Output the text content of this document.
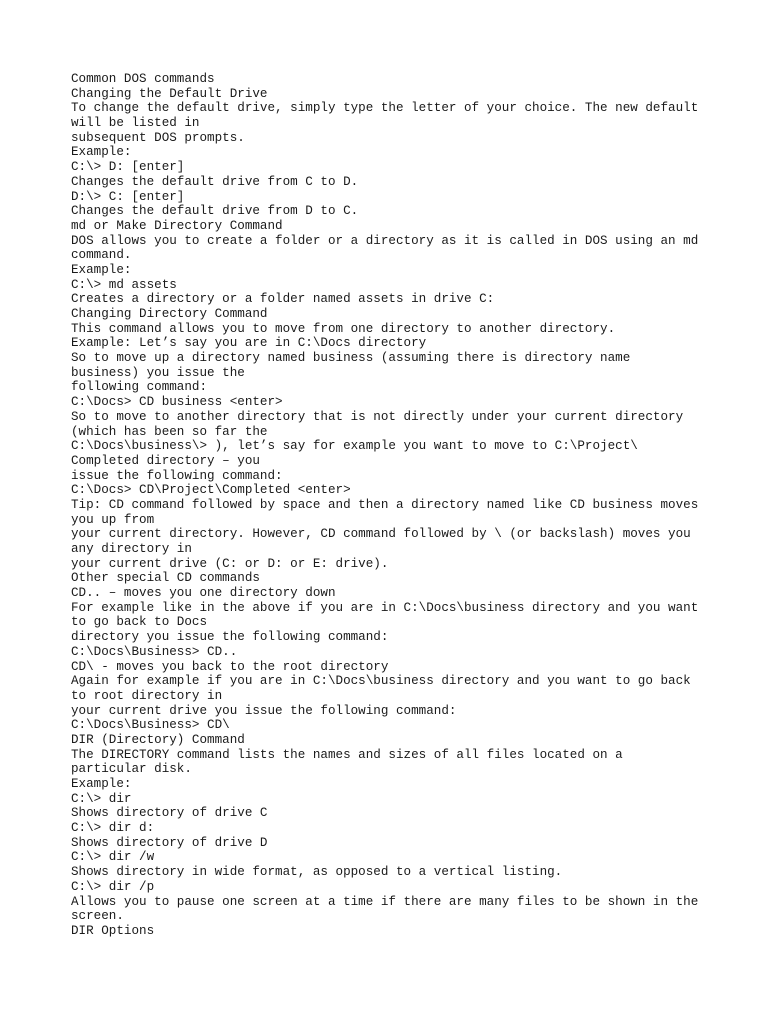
Common DOS commands
Changing the Default Drive
To change the default drive, simply type the letter of your choice. The new default
will be listed in
subsequent DOS prompts.
Example:
C:\> D: [enter]
Changes the default drive from C to D.
D:\> C: [enter]
Changes the default drive from D to C.
md or Make Directory Command
DOS allows you to create a folder or a directory as it is called in DOS using an md
command.
Example:
C:\> md assets
Creates a directory or a folder named assets in drive C:
Changing Directory Command
This command allows you to move from one directory to another directory.
Example: Let’s say you are in C:\Docs directory
So to move up a directory named business (assuming there is directory name
business) you issue the
following command:
C:\Docs> CD business <enter>
So to move to another directory that is not directly under your current directory
(which has been so far the
C:\Docs\business\> ), let’s say for example you want to move to C:\Project\
Completed directory – you
issue the following command:
C:\Docs> CD\Project\Completed <enter>
Tip: CD command followed by space and then a directory named like CD business moves
you up from
your current directory. However, CD command followed by \ (or backslash) moves you
any directory in
your current drive (C: or D: or E: drive).
Other special CD commands
CD.. – moves you one directory down
For example like in the above if you are in C:\Docs\business directory and you want
to go back to Docs
directory you issue the following command:
C:\Docs\Business> CD..
CD\ - moves you back to the root directory
Again for example if you are in C:\Docs\business directory and you want to go back
to root directory in
your current drive you issue the following command:
C:\Docs\Business> CD\
DIR (Directory) Command
The DIRECTORY command lists the names and sizes of all files located on a
particular disk.
Example:
C:\> dir
Shows directory of drive C
C:\> dir d:
Shows directory of drive D
C:\> dir /w
Shows directory in wide format, as opposed to a vertical listing.
C:\> dir /p
Allows you to pause one screen at a time if there are many files to be shown in the
screen.
DIR Options
